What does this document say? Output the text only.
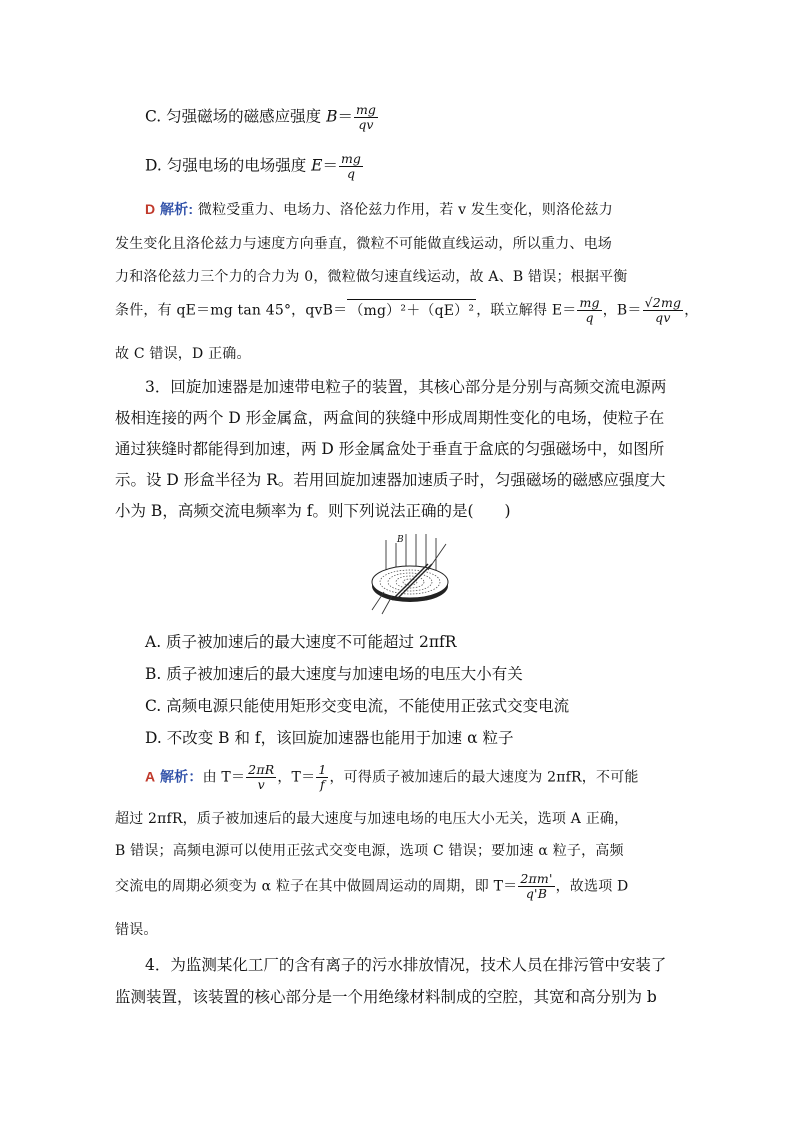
C. 匀强磁场的磁感应强度 $B= \frac{mg}{qv}$
D. 匀强电场的电场强度 $E= \frac{mg}{q}$
D 解析: 微粒受重力、电场力、洛伦兹力作用，若 v 发生变化，则洛伦兹力
发生变化且洛伦兹力与速度方向垂直，微粒不可能做直线运动，所以重力、电场
力和洛伦兹力三个力的合力为 0，微粒做匀速直线运动，故 A、B 错误；根据平衡
条件，有 qE＝mg tan 45°，qvB＝ （mg）²＋（qE）² ，联立解得 $E= \frac{mg}{q}$ ，$B= \frac{√2mg}{qv}$ ，
故 C 错误，D 正确。
3．回旋加速器是加速带电粒子的装置，其核心部分是分别与高频交流电源两
极相连接的两个 D 形金属盒，两盒间的狭缝中形成周期性变化的电场，使粒子在
通过狭缝时都能得到加速，两 D 形金属盒处于垂直于盒底的匀强磁场中，如图所
示。设 D 形盒半径为 R。若用回旋加速器加速质子时，匀强磁场的磁感应强度大
小为 B，高频交流电频率为 f。则下列说法正确的是(　　)
B
A. 质子被加速后的最大速度不可能超过 2πfR
B. 质子被加速后的最大速度与加速电场的电压大小有关
C. 高频电源只能使用矩形交变电流，不能使用正弦式交变电流
D. 不改变 B 和 f，该回旋加速器也能用于加速 α 粒子
A 解析：由 $T= \frac{2\pi R}{v}$ ，$T= \frac{1}{f}$ ，可得质子被加速后的最大速度为 2πfR，不可能
超过 2πfR，质子被加速后的最大速度与加速电场的电压大小无关，选项 A 正确，
B 错误；高频电源可以使用正弦式交变电源，选项 C 错误；要加速 α 粒子，高频
交流电的周期必须变为 α 粒子在其中做圆周运动的周期，即 $T= \frac{2\pi m'}{q'B}$ ，故选项 D
错误。
4．为监测某化工厂的含有离子的污水排放情况，技术人员在排污管中安装了
监测装置，该装置的核心部分是一个用绝缘材料制成的空腔，其宽和高分别为 b
